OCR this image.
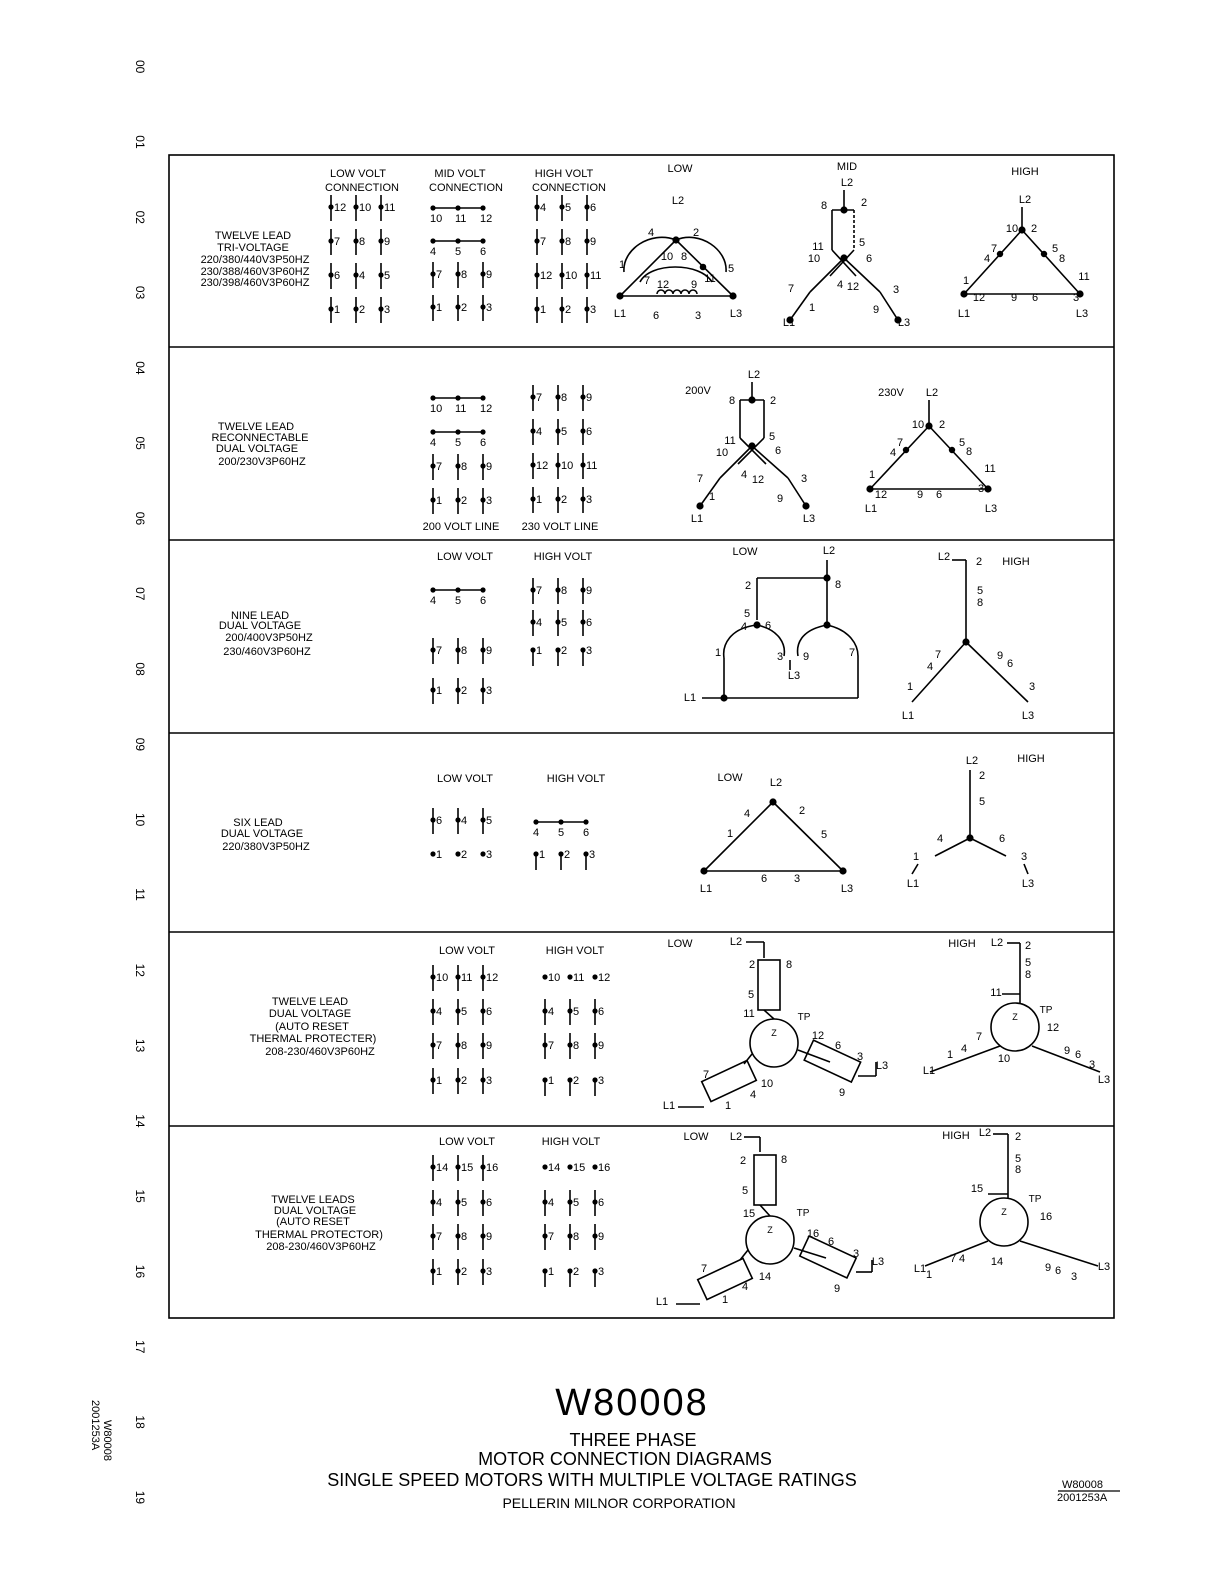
00
01
02
03
04
05
06
07
08
09
10
11
12
13
14
15
16
17
18
19
W80008
2001253A
TWELVE LEAD
TRI-VOLTAGE
220/380/440V3P50HZ
230/388/460V3P60HZ
230/398/460V3P60HZ
LOW VOLT
CONNECTION
MID VOLT
CONNECTION
HIGH VOLT
CONNECTION
12 10 11
7 8 9
6 4 5
1 2 3
10 11 12
4 5 6
7 8 9
1 2 3
4 5 6
7 8 9
12 10 11
1 2 3
LOW	MID	HIGH
L2
4	2
10 8
1
7 12 9 11
5
6	3
L1	L3
L2
8	2
11
10
5
6
4 12
7
1	9
3
L1	L3
L2
10 2
7
4
5
8
11
1
12 9 6	3
L1	L3
TWELVE LEAD
RECONNECTABLE
DUAL VOLTAGE
200/230V3P60HZ
10 11 12
4 5 6
7 8 9
1 2 3
7 8 9
4 5 6
12 10 11
1 2 3
200 VOLT LINE 230 VOLT LINE
200V	230V
L2
8	2
11
10
5
6
4 12
7
1	9
3
L1	L3
L2
10 2
7
4
5
8
11
1
12	9 6	3
L1	L3
NINE LEAD
DUAL VOLTAGE
200/400V3P50HZ
230/460V3P60HZ
LOW VOLT	HIGH VOLT
4 5 6
7 8 9
1 2 3
7 8 9
4 5 6
1 2 3
LOW
HIGH
L2
2	8
5
4 6
1	3 9	7
L3
L1
L2 2
5
8
7
4
9
6
1	3
L1	L3
SIX LEAD
DUAL VOLTAGE
220/380V3P50HZ
LOW VOLT	HIGH VOLT
6 4 5
1 2 3
4 5 6
1 2 3
LOW
HIGH
L2
4	2
1	5
6 3
L1	L3
L2
2
5
4	6
1	3
L1	L3
TWELVE LEAD
DUAL VOLTAGE
(AUTO RESET
THERMAL PROTECTER)
208-230/460V3P60HZ
LOW VOLT	HIGH VOLT
10 11 12
4 5 6
7 8 9
1 2 3
10 11 12
4 5 6
7 8 9
1 2 3
LOW	HIGH
Z
L2
2	8
5
11
12
6
3
L3
7
10
4
1
9
L1
TP
TP
Z
L2 2
5
8
11
12
9 6
3
L3
7
4
1	10
L1
TWELVE LEADS
DUAL VOLTAGE
(AUTO RESET
THERMAL PROTECTOR)
208-230/460V3P60HZ
LOW VOLT	HIGH VOLT
14 15 16
4 5 6
7 8 9
1 2 3
14 15 16
4 5 6
7 8 9
1 2 3
LOW	HIGH
Z
L2
2	8
5
15
16
6
3
L3
7
14
4
1
9
L1
TP
TP
Z
L2 2
5
8
15
16
9 6 3
L3
7 4
1
14
L1
W80008
THREE PHASE
MOTOR CONNECTION DIAGRAMS
SINGLE SPEED MOTORS WITH MULTIPLE VOLTAGE RATINGS
PELLERIN MILNOR CORPORATION
W80008
2001253A
